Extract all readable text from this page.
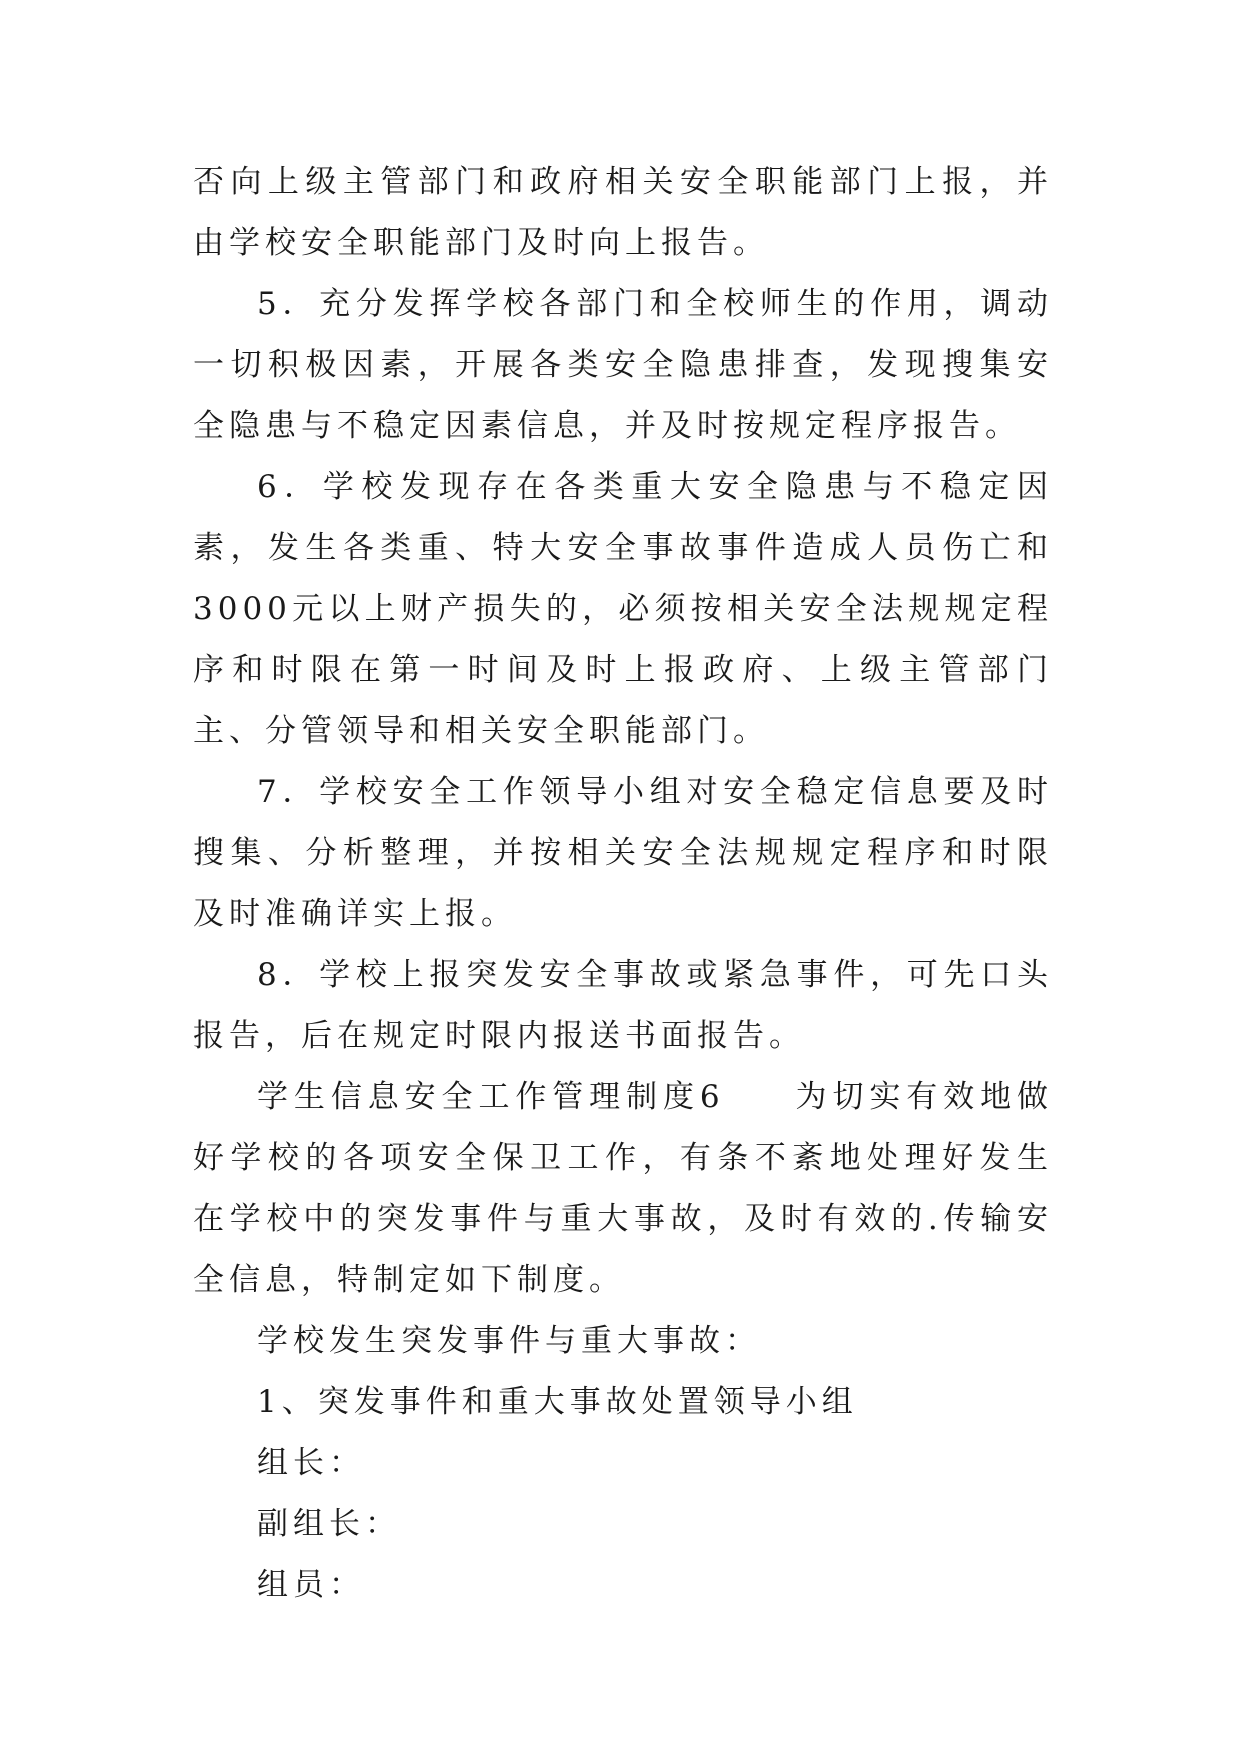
否向上级主管部门和政府相关安全职能部门上报，并由学校安全职能部门及时向上报告。

5．充分发挥学校各部门和全校师生的作用，调动一切积极因素，开展各类安全隐患排查，发现搜集安全隐患与不稳定因素信息，并及时按规定程序报告。

6．学校发现存在各类重大安全隐患与不稳定因素，发生各类重、特大安全事故事件造成人员伤亡和3000元以上财产损失的，必须按相关安全法规规定程序和时限在第一时间及时上报政府、上级主管部门主、分管领导和相关安全职能部门。

7．学校安全工作领导小组对安全稳定信息要及时搜集、分析整理，并按相关安全法规规定程序和时限及时准确详实上报。

8．学校上报突发安全事故或紧急事件，可先口头报告，后在规定时限内报送书面报告。

学生信息安全工作管理制度6 为切实有效地做好学校的各项安全保卫工作，有条不紊地处理好发生在学校中的突发事件与重大事故，及时有效的.传输安全信息，特制定如下制度。

学校发生突发事件与重大事故：

1、突发事件和重大事故处置领导小组

组长：

副组长：

组员：
